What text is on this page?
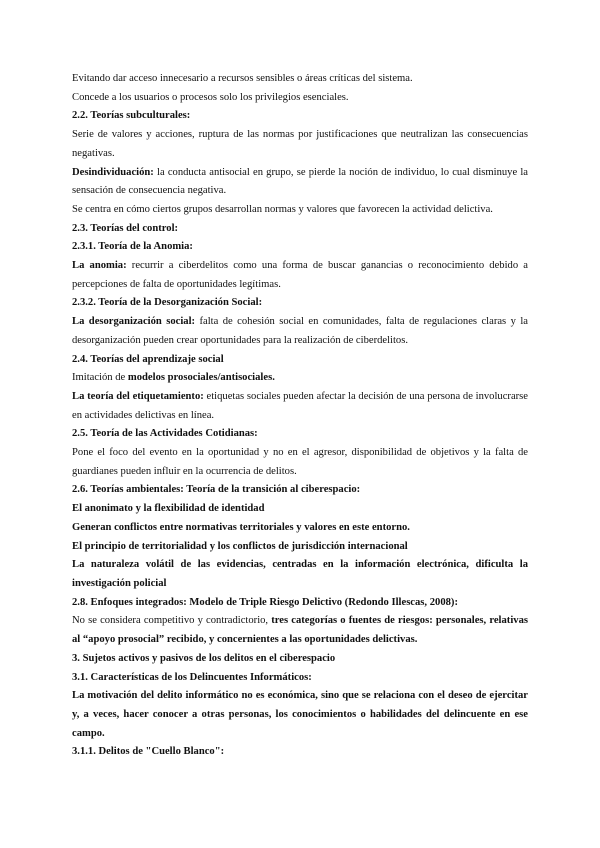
Evitando dar acceso innecesario a recursos sensibles o áreas críticas del sistema.

Concede a los usuarios o procesos solo los privilegios esenciales.

2.2. Teorías subculturales:

Serie de valores y acciones, ruptura de las normas por justificaciones que neutralizan las consecuencias negativas.

Desindividuación: la conducta antisocial en grupo, se pierde la noción de individuo, lo cual disminuye la sensación de consecuencia negativa.

Se centra en cómo ciertos grupos desarrollan normas y valores que favorecen la actividad delictiva.

2.3. Teorías del control:

2.3.1. Teoría de la Anomia:

La anomia: recurrir a ciberdelitos como una forma de buscar ganancias o reconocimiento debido a percepciones de falta de oportunidades legítimas.

2.3.2. Teoría de la Desorganización Social:

La desorganización social: falta de cohesión social en comunidades, falta de regulaciones claras y la desorganización pueden crear oportunidades para la realización de ciberdelitos.

2.4. Teorías del aprendizaje social

Imitación de modelos prosociales/antisociales.

La teoría del etiquetamiento: etiquetas sociales pueden afectar la decisión de una persona de involucrarse en actividades delictivas en línea.

2.5. Teoría de las Actividades Cotidianas:

Pone el foco del evento en la oportunidad y no en el agresor, disponibilidad de objetivos y la falta de guardianes pueden influir en la ocurrencia de delitos.

2.6. Teorías ambientales: Teoría de la transición al ciberespacio:

El anonimato y la flexibilidad de identidad

Generan conflictos entre normativas territoriales y valores en este entorno.

El principio de territorialidad y los conflictos de jurisdicción internacional

La naturaleza volátil de las evidencias, centradas en la información electrónica, dificulta la investigación policial

2.8. Enfoques integrados: Modelo de Triple Riesgo Delictivo (Redondo Illescas, 2008):

No se considera competitivo y contradictorio, tres categorías o fuentes de riesgos: personales, relativas al “apoyo prosocial” recibido, y concernientes a las oportunidades delictivas.

3. Sujetos activos y pasivos de los delitos en el ciberespacio

3.1. Características de los Delincuentes Informáticos:

La motivación del delito informático no es económica, sino que se relaciona con el deseo de ejercitar y, a veces, hacer conocer a otras personas, los conocimientos o habilidades del delincuente en ese campo.

3.1.1. Delitos de "Cuello Blanco":
